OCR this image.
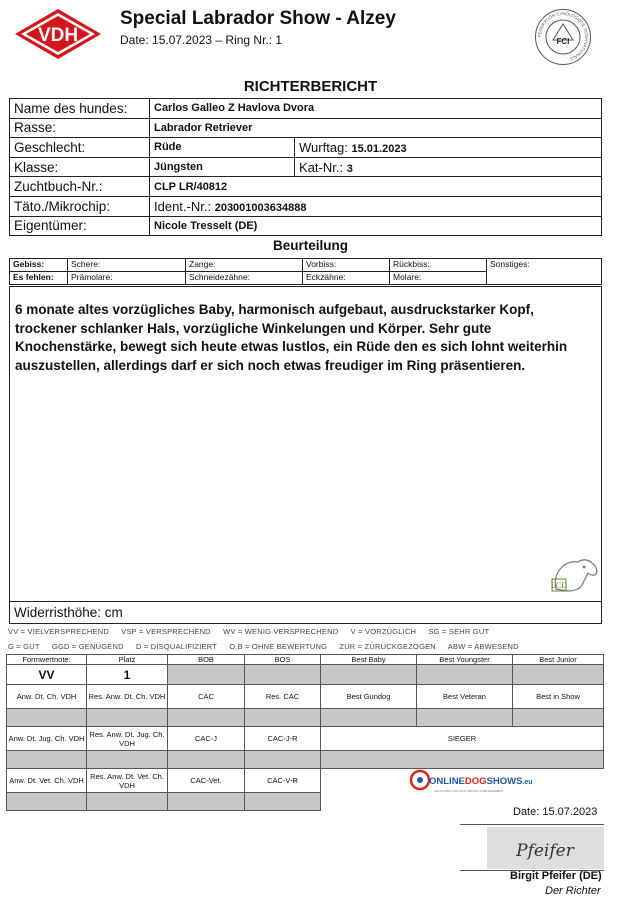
VDH
Special Labrador Show - Alzey
Date: 15.07.2023 – Ring Nr.: 1	FEDERATION CYNOLOGIQUE INTERNATIONALE
FCI
RICHTERBERICHT
Name des hundes:	Carlos Galleo Z Havlova Dvora	
Rasse:	Labrador Retriever	
Geschlecht:	Rüde	Wurftag: 15.01.2023
Klasse:	Jüngsten	Kat-Nr.: 3
Zuchtbuch-Nr.:	CLP LR/40812	
Täto./Mikrochip:	Ident.-Nr.: 203001003634888	
Eigentümer:	Nicole Tresselt (DE)	
Beurteilung
Gebiss:	Schere:	Zange:	Vorbiss:	Rückbiss:	Sonstiges:
Es fehlen:	Prämolare:	Schneidezähne:	Eckzähne:	Molare:	
6 monate altes vorzügliches Baby, harmonisch aufgebaut, ausdruckstarker Kopf, trockener schlanker Hals, vorzügliche Winkelungen und Körper. Sehr gute Knochenstärke, bewegt sich heute etwas lustlos, ein Rüde den es sich lohnt weiterhin auszustellen, allerdings darf er sich noch etwas freudiger im Ring präsentieren.
LCD
Widerristhöhe: cm
VV = VIELVERSPRECHEND VSP = VERSPRECHEND WV = WENIG VERSPRECHEND V = VORZÜGLICH SG = SEHR GUT
G = GUT GGD = GENÜGEND D = DISQUALIFIZIERT O.B = OHNE BEWERTUNG ZUR = ZÜRÜCKGEZOGEN ABW = ABWESEND
Formwertnote:	Platz	BOB	BOS	Best Baby	Best Youngster	Best Junior
VV	1					
Anw. Dt. Ch. VDH	Res. Anw. Dt. Ch. VDH	CAC	Res. CAC	Best Gundog	Best Veteran	Best in Show

Anw. Dt. Jug. Ch. VDH	Res. Anw. Dt. Jug. Ch. VDH	CAC-J	CAC-J-R	SIEGER		

Anw. Dt. Vet. Ch. VDH	Res. Anw. Dt. Vet. Ch. VDH	CAC-Vet.	CAC-V-R			
					ONLINEDOGSHOWS.eu
SOLUTIONS FOR DOG SHOWS & MANAGEMENT
Date: 15.07.2023
Pfeifer
Birgit Pfeifer (DE)
Der Richter
